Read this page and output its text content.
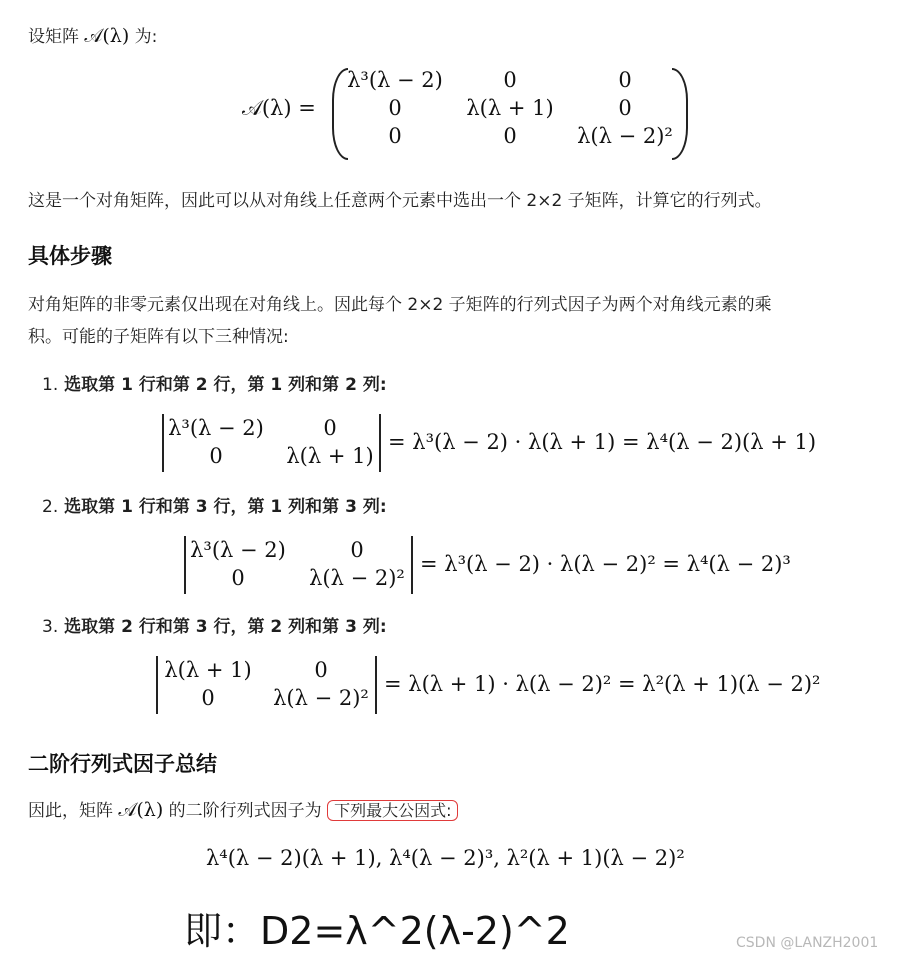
设矩阵 𝒜(λ) 为:
𝒜(λ) =
λ³(λ − 2)	0	0
0	λ(λ + 1)	0
0	0	λ(λ − 2)²
这是一个对角矩阵，因此可以从对角线上任意两个元素中选出一个 2×2 子矩阵，计算它的行列式。
具体步骤
对角矩阵的非零元素仅出现在对角线上。因此每个 2×2 子矩阵的行列式因子为两个对角线元素的乘
积。可能的子矩阵有以下三种情况:
1. 选取第 1 行和第 2 行，第 1 列和第 2 列:
λ³(λ − 2)	0
0	λ(λ + 1)
= λ³(λ − 2) · λ(λ + 1) = λ⁴(λ − 2)(λ + 1)
2. 选取第 1 行和第 3 行，第 1 列和第 3 列:
λ³(λ − 2)	0
0	λ(λ − 2)²
= λ³(λ − 2) · λ(λ − 2)² = λ⁴(λ − 2)³
3. 选取第 2 行和第 3 行，第 2 列和第 3 列:
λ(λ + 1)	0
0	λ(λ − 2)²
= λ(λ + 1) · λ(λ − 2)² = λ²(λ + 1)(λ − 2)²
二阶行列式因子总结
因此，矩阵 𝒜(λ) 的二阶行列式因子为 下列最大公因式:
λ⁴(λ − 2)(λ + 1), λ⁴(λ − 2)³, λ²(λ + 1)(λ − 2)²
即：D2=λ^2(λ-2)^2	CSDN @LANZH2001
